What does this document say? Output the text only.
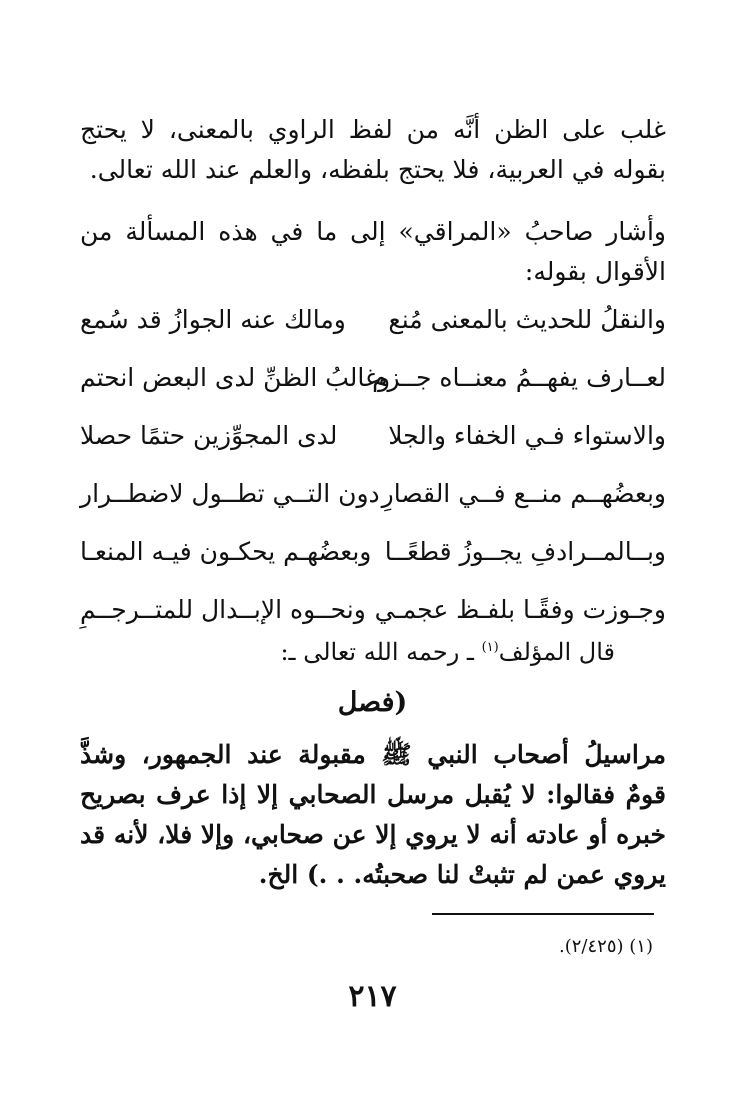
غلب على الظن أنَّه من لفظ الراوي بالمعنى، لا يحتج بقوله في العربية، فلا يحتج بلفظه، والعلم عند الله تعالى.
وأشار صاحبُ «المراقي» إلى ما في هذه المسألة من الأقوال بقوله:
والنقلُ للحديث بالمعنى مُنع
ومالك عنه الجوازُ قد سُمع
لعــارف يفهــمُ معنــاه جــزم
وغالبُ الظنِّ لدى البعض انحتم
والاستواء فـي الخفاء والجلا
لدى المجوِّزين حتمًا حصلا
وبعضُهــم منــع فــي القصارِ
دون التــي تطــول لاضطــرار
وبــالمــرادفِ يجــوزُ قطعًــا
وبعضُهـم يحكـون فيـه المنعـا
وجـوزت وفقًـا بلفـظ عجمـي
ونحــوه الإبــدال للمتــرجــمِ
قال المؤلف$^{(١)}$ ـ رحمه الله تعالى ـ:
(فصل
مراسيلُ أصحاب النبي ﷺ مقبولة عند الجمهور، وشذَّ قومٌ فقالوا: لا يُقبل مرسل الصحابي إلا إذا عرف بصريح خبره أو عادته أنه لا يروي إلا عن صحابي، وإلا فلا، لأنه قد يروي عمن لم تثبتْ لنا صحبتُه. . .) الخ.
(١) (٢/٤٢٥).
٢١٧
